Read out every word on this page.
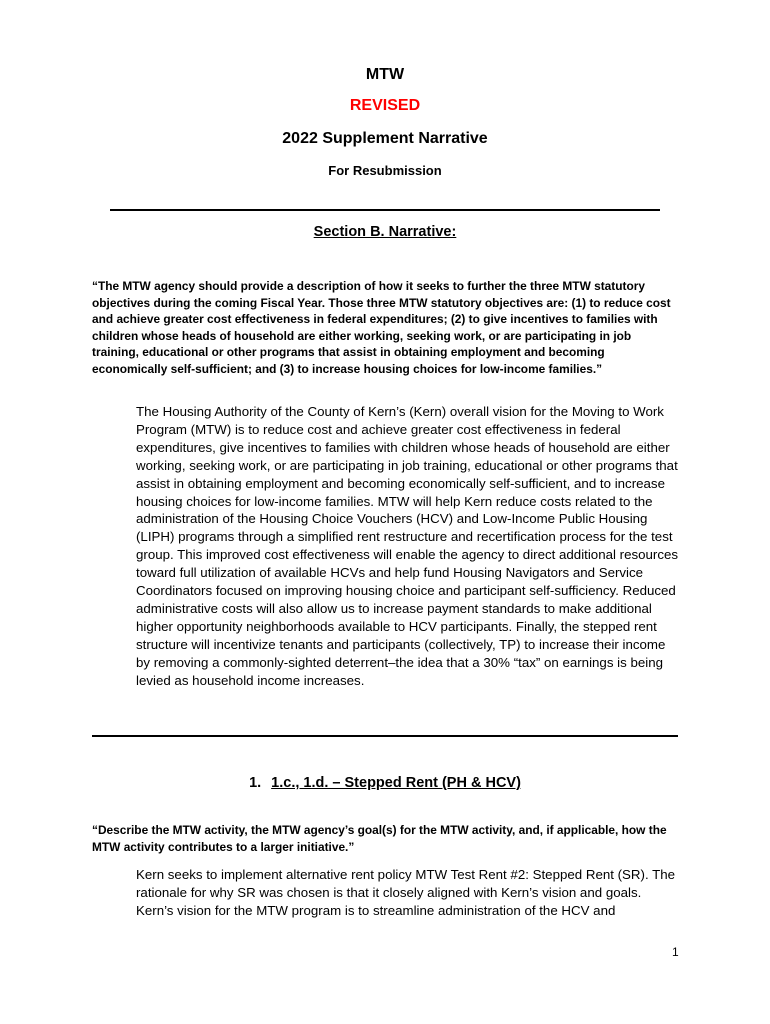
MTW
REVISED
2022 Supplement Narrative
For Resubmission
Section B. Narrative:

“The MTW agency should provide a description of how it seeks to further the three MTW statutory objectives during the coming Fiscal Year. Those three MTW statutory objectives are: (1) to reduce cost and achieve greater cost effectiveness in federal expenditures; (2) to give incentives to families with children whose heads of household are either working, seeking work, or are participating in job training, educational or other programs that assist in obtaining employment and becoming economically self-sufficient; and (3) to increase housing choices for low-income families.”

The Housing Authority of the County of Kern’s (Kern) overall vision for the Moving to Work Program (MTW) is to reduce cost and achieve greater cost effectiveness in federal expenditures, give incentives to families with children whose heads of household are either working, seeking work, or are participating in job training, educational or other programs that assist in obtaining employment and becoming economically self-sufficient, and to increase housing choices for low-income families. MTW will help Kern reduce costs related to the administration of the Housing Choice Vouchers (HCV) and Low-Income Public Housing (LIPH) programs through a simplified rent restructure and recertification process for the test group. This improved cost effectiveness will enable the agency to direct additional resources toward full utilization of available HCVs and help fund Housing Navigators and Service Coordinators focused on improving housing choice and participant self-sufficiency. Reduced administrative costs will also allow us to increase payment standards to make additional higher opportunity neighborhoods available to HCV participants. Finally, the stepped rent structure will incentivize tenants and participants (collectively, TP) to increase their income by removing a commonly-sighted deterrent–the idea that a 30% “tax” on earnings is being levied as household income increases.

1. 1.c., 1.d. – Stepped Rent (PH & HCV)

“Describe the MTW activity, the MTW agency’s goal(s) for the MTW activity, and, if applicable, how the MTW activity contributes to a larger initiative.”

Kern seeks to implement alternative rent policy MTW Test Rent #2: Stepped Rent (SR). The rationale for why SR was chosen is that it closely aligned with Kern’s vision and goals. Kern’s vision for the MTW program is to streamline administration of the HCV and

1
